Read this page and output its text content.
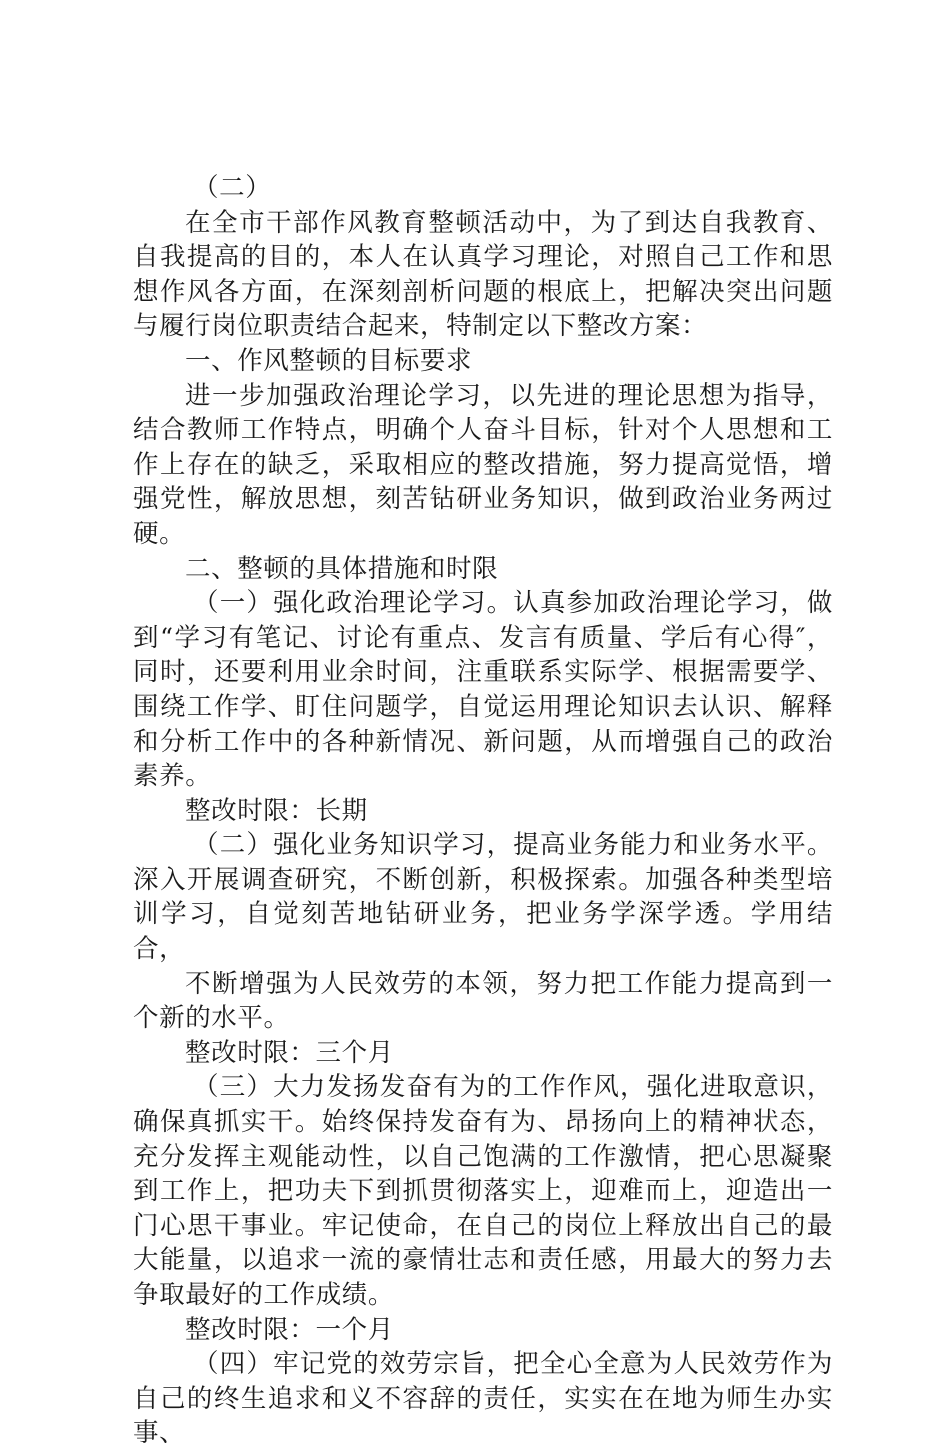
（二）

在全市干部作风教育整顿活动中，为了到达自我教育、自我提高的目的，本人在认真学习理论，对照自己工作和思想作风各方面，在深刻剖析问题的根底上，把解决突出问题与履行岗位职责结合起来，特制定以下整改方案：

一、作风整顿的目标要求

进一步加强政治理论学习，以先进的理论思想为指导，结合教师工作特点，明确个人奋斗目标，针对个人思想和工作上存在的缺乏，采取相应的整改措施，努力提高觉悟，增强党性，解放思想，刻苦钻研业务知识，做到政治业务两过硬。

二、整顿的具体措施和时限

（一）强化政治理论学习。认真参加政治理论学习，做到“学习有笔记、讨论有重点、发言有质量、学后有心得″，同时，还要利用业余时间，注重联系实际学、根据需要学、围绕工作学、盯住问题学，自觉运用理论知识去认识、解释和分析工作中的各种新情况、新问题，从而增强自己的政治素养。

整改时限：长期

（二）强化业务知识学习，提高业务能力和业务水平。深入开展调查研究，不断创新，积极探索。加强各种类型培训学习，自觉刻苦地钻研业务，把业务学深学透。学用结合，

不断增强为人民效劳的本领，努力把工作能力提高到一个新的水平。

整改时限：三个月

（三）大力发扬发奋有为的工作作风，强化进取意识，确保真抓实干。始终保持发奋有为、昂扬向上的精神状态，充分发挥主观能动性，以自己饱满的工作激情，把心思凝聚到工作上，把功夫下到抓贯彻落实上，迎难而上，迎造出一门心思干事业。牢记使命，在自己的岗位上释放出自己的最大能量，以追求一流的豪情壮志和责任感，用最大的努力去争取最好的工作成绩。

整改时限：一个月

（四）牢记党的效劳宗旨，把全心全意为人民效劳作为自己的终生追求和义不容辞的责任，实实在在地为师生办实事、
